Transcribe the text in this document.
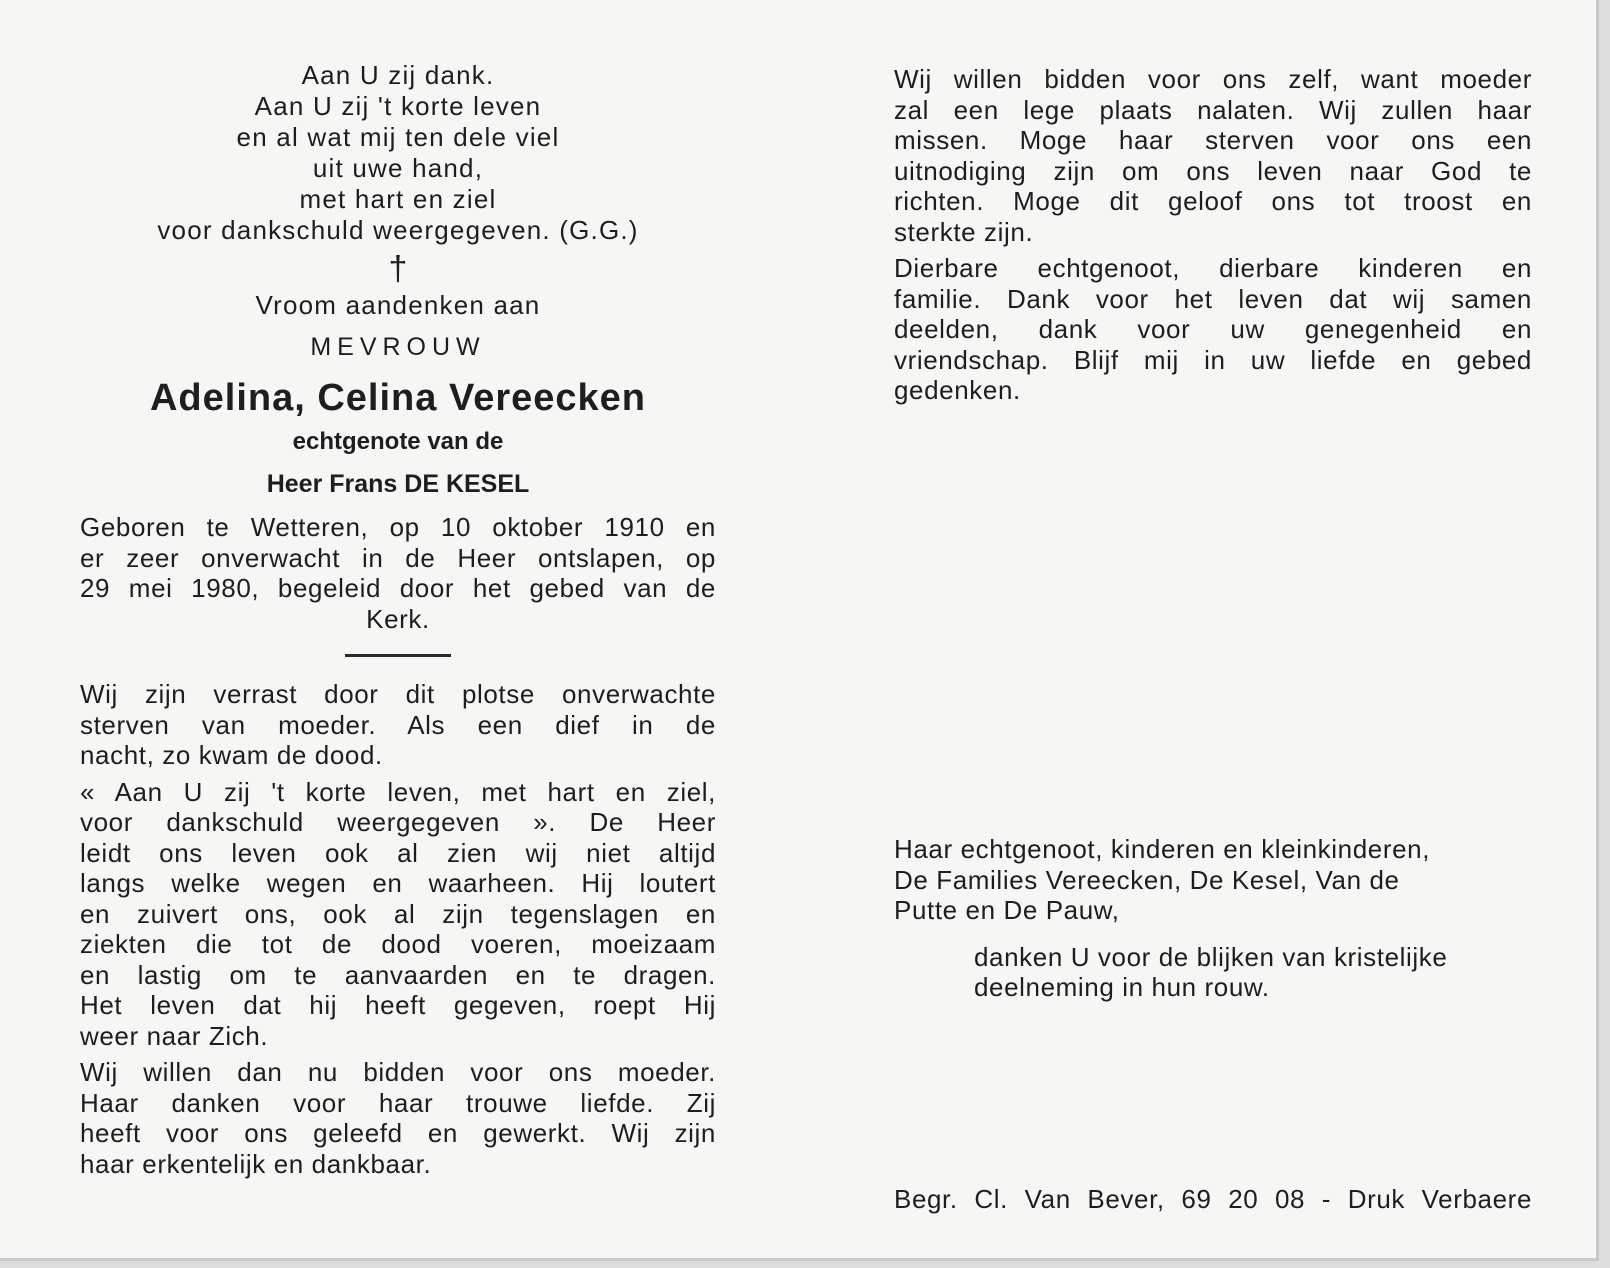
Aan U zij dank.
Aan U zij 't korte leven
en al wat mij ten dele viel
uit uwe hand,
met hart en ziel
voor dankschuld weergegeven. (G.G.)
†
Vroom aandenken aan
MEVROUW
Adelina, Celina Vereecken
echtgenote van de
Heer Frans DE KESEL
Geboren te Wetteren, op 10 oktober 1910 en
er zeer onverwacht in de Heer ontslapen, op
29 mei 1980, begeleid door het gebed van de
Kerk.
Wij zijn verrast door dit plotse onverwachte
sterven van moeder. Als een dief in de
nacht, zo kwam de dood.
« Aan U zij 't korte leven, met hart en ziel,
voor dankschuld weergegeven ». De Heer
leidt ons leven ook al zien wij niet altijd
langs welke wegen en waarheen. Hij loutert
en zuivert ons, ook al zijn tegenslagen en
ziekten die tot de dood voeren, moeizaam
en lastig om te aanvaarden en te dragen.
Het leven dat hij heeft gegeven, roept Hij
weer naar Zich.
Wij willen dan nu bidden voor ons moeder.
Haar danken voor haar trouwe liefde. Zij
heeft voor ons geleefd en gewerkt. Wij zijn
haar erkentelijk en dankbaar.
Wij willen bidden voor ons zelf, want moeder
zal een lege plaats nalaten. Wij zullen haar
missen. Moge haar sterven voor ons een
uitnodiging zijn om ons leven naar God te
richten. Moge dit geloof ons tot troost en
sterkte zijn.
Dierbare echtgenoot, dierbare kinderen en
familie. Dank voor het leven dat wij samen
deelden, dank voor uw genegenheid en
vriendschap. Blijf mij in uw liefde en gebed
gedenken.
Haar echtgenoot, kinderen en kleinkinderen,
De Families Vereecken, De Kesel, Van de
Putte en De Pauw,
danken U voor de blijken van kristelijke
deelneming in hun rouw.
Begr. Cl. Van Bever, 69 20 08 - Druk Verbaere
